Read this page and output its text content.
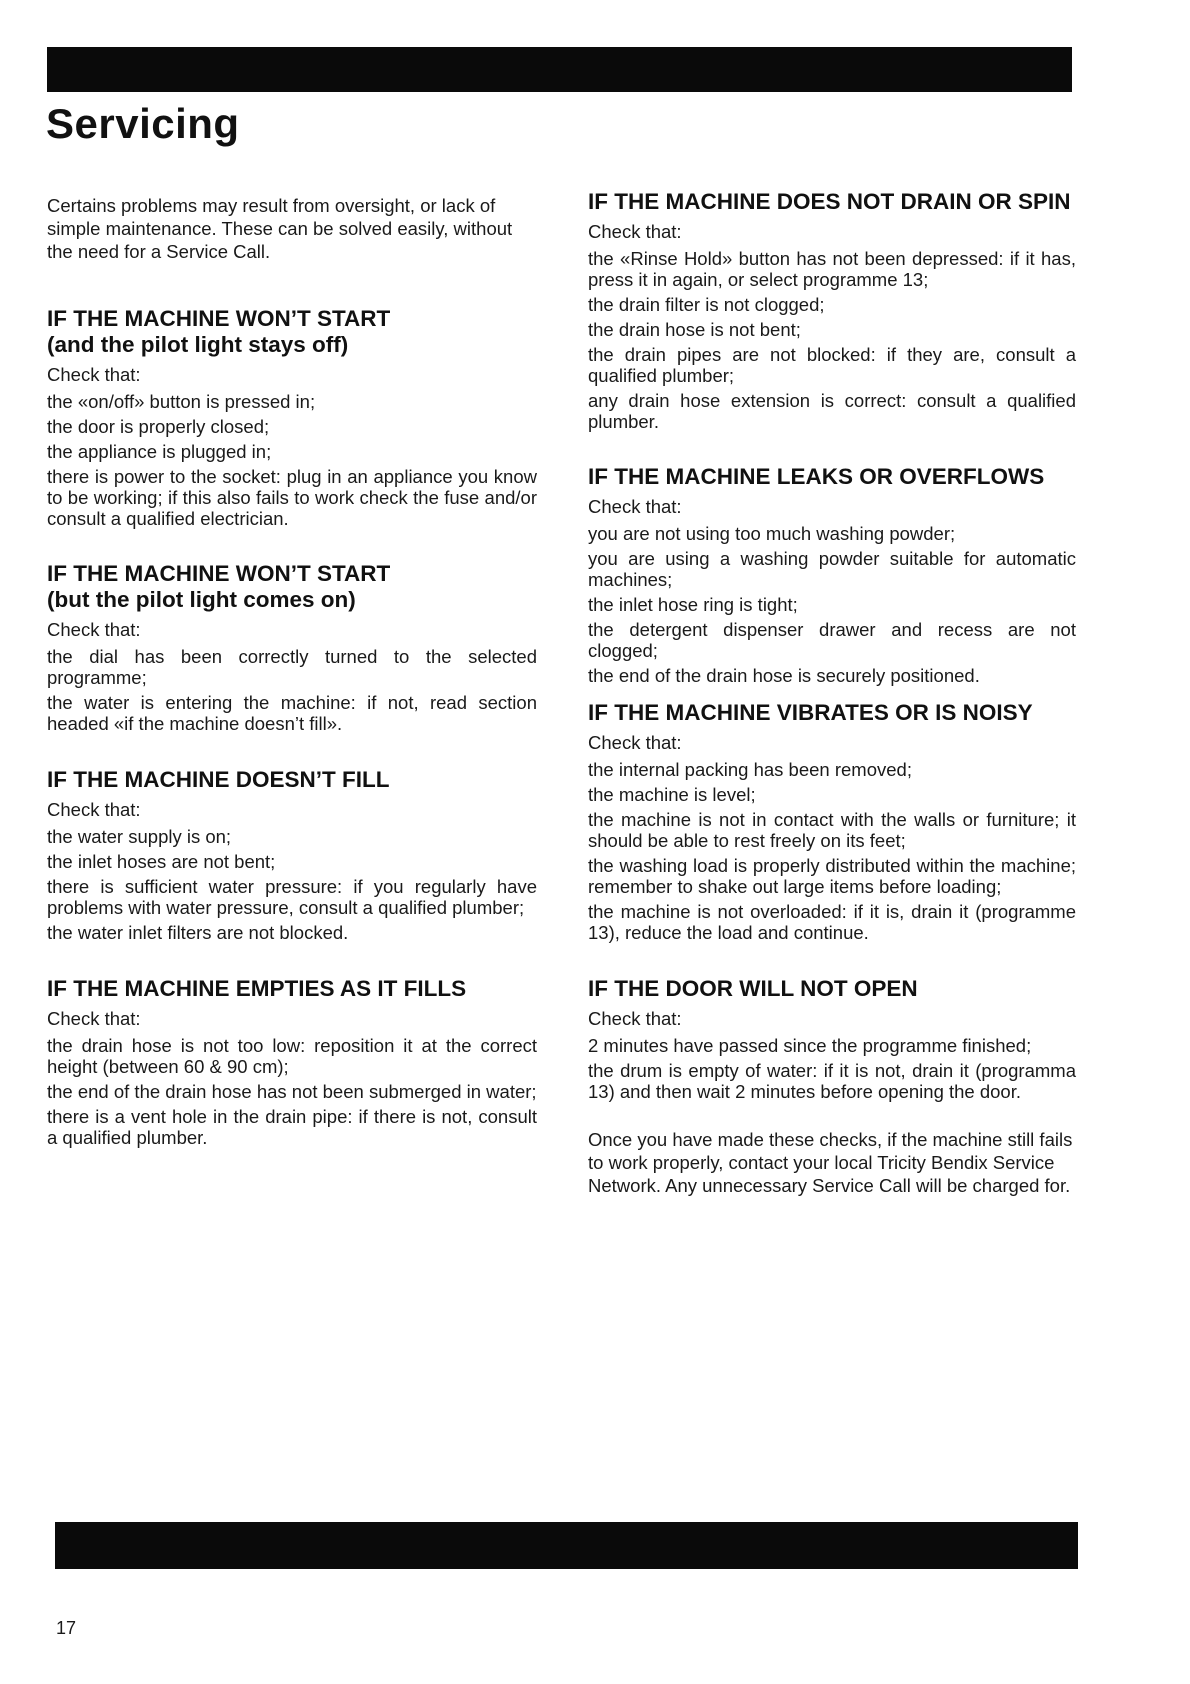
Servicing

Certains problems may result from oversight, or lack of simple maintenance. These can be solved easily, without the need for a Service Call.

IF THE MACHINE WON’T START
(and the pilot light stays off)

Check that:

the «on/off» button is pressed in;
the door is properly closed;
the appliance is plugged in;
there is power to the socket: plug in an appliance you know to be working; if this also fails to work check the fuse and/or consult a qualified electrician.
IF THE MACHINE WON’T START
(but the pilot light comes on)

Check that:

the dial has been correctly turned to the selected programme;
the water is entering the machine: if not, read section headed «if the machine doesn’t fill».
IF THE MACHINE DOESN’T FILL

Check that:

the water supply is on;
the inlet hoses are not bent;
there is sufficient water pressure: if you regularly have problems with water pressure, consult a qualified plumber;
the water inlet filters are not blocked.
IF THE MACHINE EMPTIES AS IT FILLS

Check that:

the drain hose is not too low: reposition it at the correct height (between 60 & 90 cm);
the end of the drain hose has not been submerged in water;
there is a vent hole in the drain pipe: if there is not, consult a qualified plumber.
IF THE MACHINE DOES NOT DRAIN OR SPIN

Check that:

the «Rinse Hold» button has not been depressed: if it has, press it in again, or select programme 13;
the drain filter is not clogged;
the drain hose is not bent;
the drain pipes are not blocked: if they are, consult a qualified plumber;
any drain hose extension is correct: consult a qualified plumber.
IF THE MACHINE LEAKS OR OVERFLOWS

Check that:

you are not using too much washing powder;
you are using a washing powder suitable for automatic machines;
the inlet hose ring is tight;
the detergent dispenser drawer and recess are not clogged;
the end of the drain hose is securely positioned.
IF THE MACHINE VIBRATES OR IS NOISY

Check that:

the internal packing has been removed;
the machine is level;
the machine is not in contact with the walls or furniture; it should be able to rest freely on its feet;
the washing load is properly distributed within the machine; remember to shake out large items before loading;
the machine is not overloaded: if it is, drain it (programme 13), reduce the load and continue.
IF THE DOOR WILL NOT OPEN

Check that:

2 minutes have passed since the programme finished;
the drum is empty of water: if it is not, drain it (programma 13) and then wait 2 minutes before opening the door.

Once you have made these checks, if the machine still fails to work properly, contact your local Tricity Bendix Service Network. Any unnecessary Service Call will be charged for.

17
